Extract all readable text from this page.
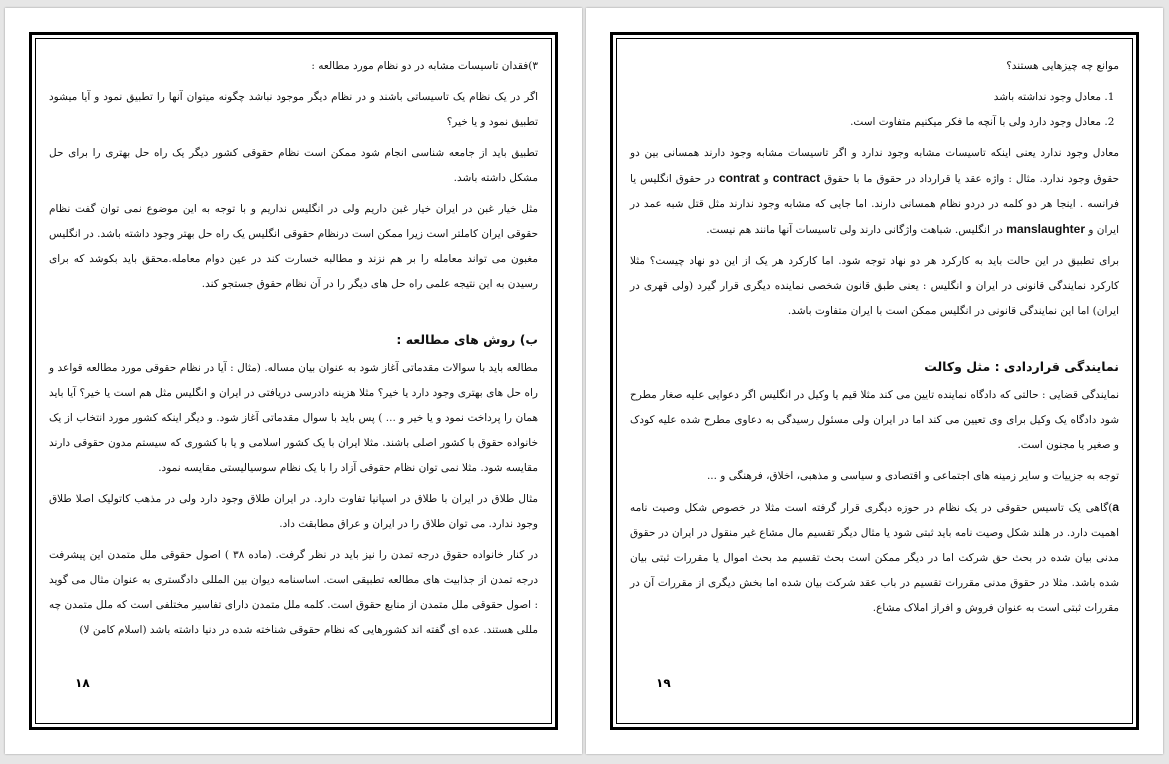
۳)فقدان تاسیسات مشابه در دو نظام مورد مطالعه :

اگر در یک نظام یک تاسیساتی باشند و در نظام دیگر موجود نباشد چگونه میتوان آنها را تطبیق نمود و آیا میشود تطبیق نمود و یا خیر؟

تطبیق باید از جامعه شناسی انجام شود ممکن است نظام حقوقی کشور دیگر یک راه حل بهتری را برای حل مشکل داشته باشد.

مثل خیار غبن در ایران خیار غبن داریم ولی در انگلیس نداریم و با توجه به این موضوع نمی توان گفت نظام حقوقی ایران کاملتر است زیرا ممکن است درنظام حقوقی انگلیس یک راه حل بهتر وجود داشته باشد. در انگلیس مغبون می تواند معامله را بر هم نزند و مطالبه خسارت کند در عین دوام معامله.محقق باید بکوشد که برای رسیدن به این نتیجه علمی راه حل های دیگر را در آن نظام حقوق جستجو کند.

ب) روش های مطالعه :

مطالعه باید با سوالات مقدماتی آغاز شود به عنوان بیان مساله. (مثال : آیا در نظام حقوقی مورد مطالعه قواعد و راه حل های بهتری وجود دارد یا خیر؟ مثلا هزینه دادرسی دریافتی در ایران و انگلیس مثل هم است یا خیر؟ آیا باید همان را پرداخت نمود و یا خیر و ... ) پس باید با سوال مقدماتی آغاز شود. و دیگر اینکه کشور مورد انتخاب از یک خانواده حقوق با کشور اصلی باشند. مثلا ایران با یک کشور اسلامی و یا با کشوری که سیستم مدون حقوقی دارند مقایسه شود. مثلا نمی توان نظام حقوقی آزاد را با یک نظام سوسیالیستی مقایسه نمود.

مثال طلاق در ایران با طلاق در اسپانیا تفاوت دارد. در ایران طلاق وجود دارد ولی در مذهب کاتولیک اصلا طلاق وجود ندارد. می توان طلاق را در ایران و عراق مطابقت داد.

در کنار خانواده حقوق درجه تمدن را نیز باید در نظر گرفت. (ماده ۳۸ ) اصول حقوقی ملل متمدن این پیشرفت درجه تمدن از جذابیت های مطالعه تطبیقی است. اساسنامه دیوان بین المللی دادگستری به عنوان مثال می گوید : اصول حقوقی ملل متمدن از منابع حقوق است. کلمه ملل متمدن دارای تفاسیر مختلفی است که ملل متمدن چه مللی هستند. عده ای گفته اند کشورهایی که نظام حقوقی شناخته شده در دنیا داشته باشد (اسلام کامن لا)

۱۸

موانع چه چیزهایی هستند؟

1. معادل وجود نداشته باشد
2. معادل وجود دارد ولی با آنچه ما فکر میکنیم متفاوت است.

معادل وجود ندارد یعنی اینکه تاسیسات مشابه وجود ندارد و اگر تاسیسات مشابه وجود دارند همسانی بین دو حقوق وجود ندارد. مثال : واژه عقد یا قرارداد در حقوق ما با حقوق contract و contrat در حقوق انگلیس یا فرانسه . اینجا هر دو کلمه در دردو نظام همسانی دارند. اما جایی که مشابه وجود ندارند مثل قتل شبه عمد در ایران و manslaughter در انگلیس. شباهت واژگانی دارند ولی تاسیسات آنها مانند هم نیست.

برای تطبیق در این حالت باید به کارکرد هر دو نهاد توجه شود. اما کارکرد هر یک از این دو نهاد چیست؟ مثلا کارکرد نمایندگی قانونی در ایران و انگلیس : یعنی طبق قانون شخصی نماینده دیگری قرار گیرد (ولی قهری در ایران) اما این نمایندگی قانونی در انگلیس ممکن است با ایران متفاوت باشد.

نمایندگی قراردادی : مثل وکالت

نمایندگی قضایی : حالتی که دادگاه نماینده تایین می کند مثلا قیم یا وکیل در انگلیس اگر دعوایی علیه صغار مطرح شود دادگاه یک وکیل برای وی تعیین می کند اما در ایران ولی مسئول رسیدگی به دعاوی مطرح شده علیه کودک و صغیر یا مجنون است.

توجه به جزییات و سایر زمینه های اجتماعی و اقتصادی و سیاسی و مذهبی، اخلاق، فرهنگی و ...

a)گاهی یک تاسیس حقوقی در یک نظام در حوزه دیگری قرار گرفته است مثلا در خصوص شکل وصیت نامه اهمیت دارد. در هلند شکل وصیت نامه باید ثبتی شود یا مثال دیگر تقسیم مال مشاع غیر منقول در ایران در حقوق مدنی بیان شده در بحث حق شرکت اما در دیگر ممکن است بحث تقسیم مد بحث اموال یا مقررات ثبتی بیان شده باشد. مثلا در حقوق مدنی مقررات تقسیم در باب عقد شرکت بیان شده اما بخش دیگری از مقررات آن در مقررات ثبتی است به عنوان فروش و افراز املاک مشاع.

۱۹
